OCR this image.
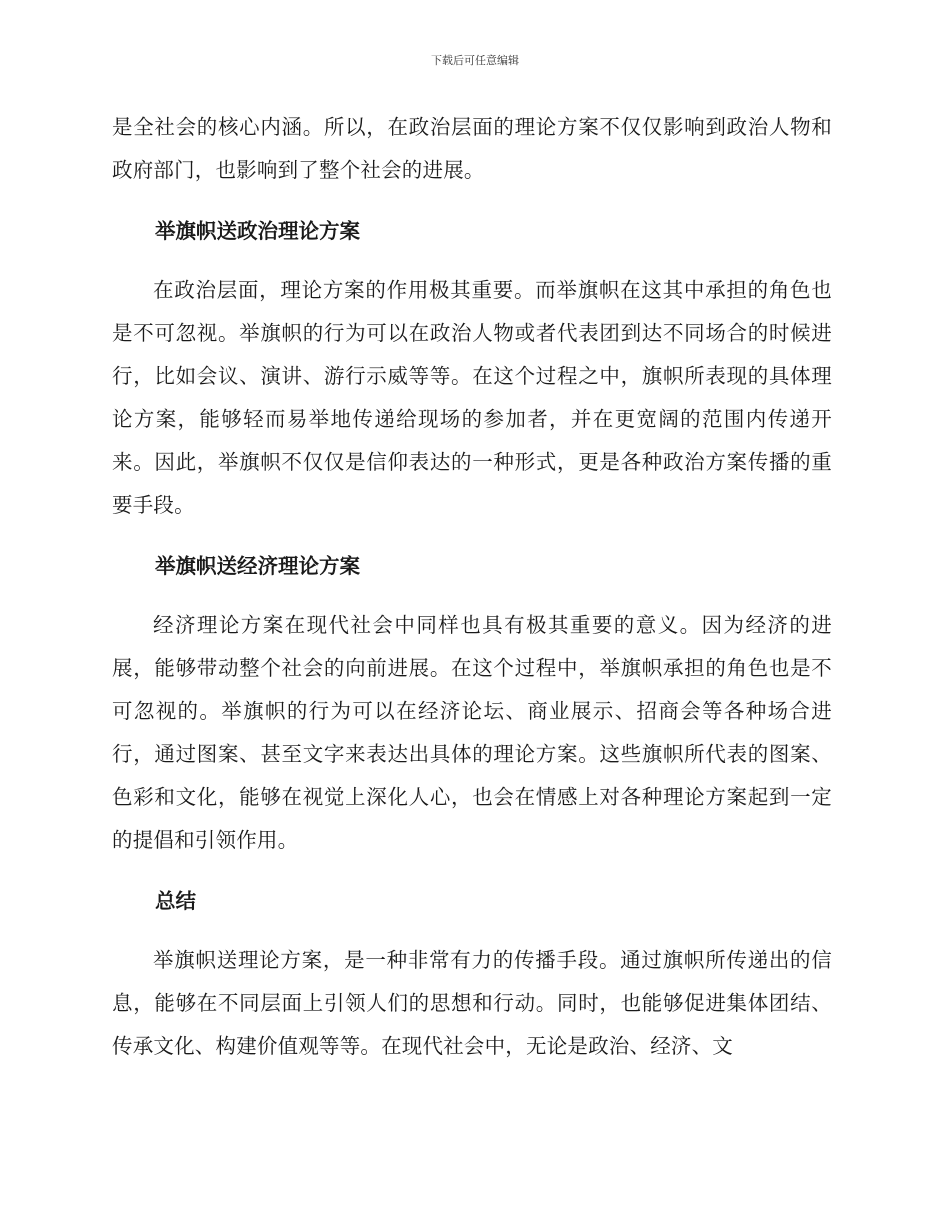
下载后可任意编辑

是全社会的核心内涵。所以，在政治层面的理论方案不仅仅影响到政治人物和政府部门，也影响到了整个社会的进展。

举旗帜送政治理论方案

在政治层面，理论方案的作用极其重要。而举旗帜在这其中承担的角色也是不可忽视。举旗帜的行为可以在政治人物或者代表团到达不同场合的时候进行，比如会议、演讲、游行示威等等。在这个过程之中，旗帜所表现的具体理论方案，能够轻而易举地传递给现场的参加者，并在更宽阔的范围内传递开来。因此，举旗帜不仅仅是信仰表达的一种形式，更是各种政治方案传播的重要手段。

举旗帜送经济理论方案

经济理论方案在现代社会中同样也具有极其重要的意义。因为经济的进展，能够带动整个社会的向前进展。在这个过程中，举旗帜承担的角色也是不可忽视的。举旗帜的行为可以在经济论坛、商业展示、招商会等各种场合进行，通过图案、甚至文字来表达出具体的理论方案。这些旗帜所代表的图案、色彩和文化，能够在视觉上深化人心，也会在情感上对各种理论方案起到一定的提倡和引领作用。

总结

举旗帜送理论方案，是一种非常有力的传播手段。通过旗帜所传递出的信息，能够在不同层面上引领人们的思想和行动。同时，也能够促进集体团结、传承文化、构建价值观等等。在现代社会中，无论是政治、经济、文
